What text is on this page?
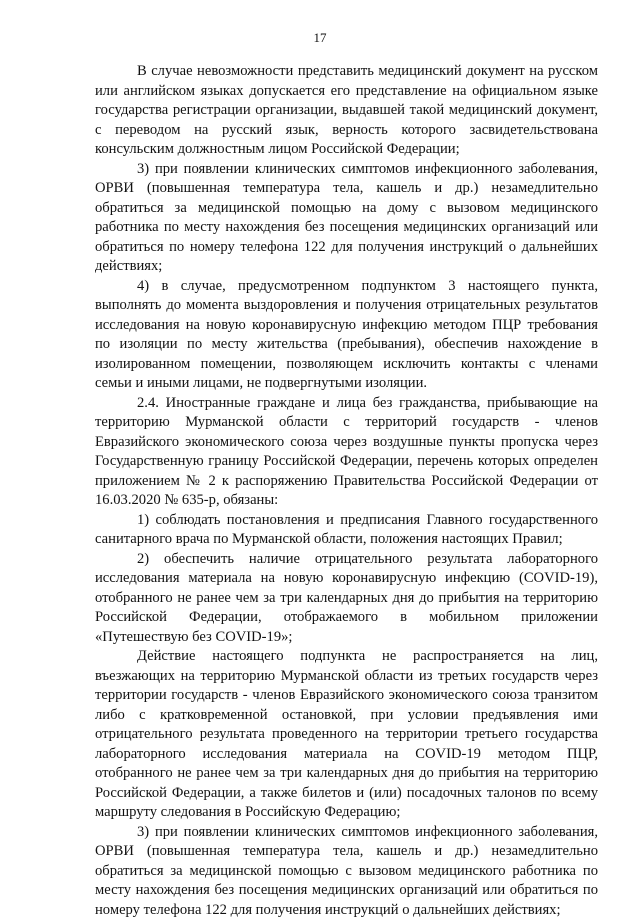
17

В случае невозможности представить медицинский документ на русском или английском языках допускается его представление на официальном языке государства регистрации организации, выдавшей такой медицинский документ, с переводом на русский язык, верность которого засвидетельствована консульским должностным лицом Российской Федерации;

3) при появлении клинических симптомов инфекционного заболевания, ОРВИ (повышенная температура тела, кашель и др.) незамедлительно обратиться за медицинской помощью на дому с вызовом медицинского работника по месту нахождения без посещения медицинских организаций или обратиться по номеру телефона 122 для получения инструкций о дальнейших действиях;

4) в случае, предусмотренном подпунктом 3 настоящего пункта, выполнять до момента выздоровления и получения отрицательных результатов исследования на новую коронавирусную инфекцию методом ПЦР требования по изоляции по месту жительства (пребывания), обеспечив нахождение в изолированном помещении, позволяющем исключить контакты с членами семьи и иными лицами, не подвергнутыми изоляции.

2.4. Иностранные граждане и лица без гражданства, прибывающие на территорию Мурманской области с территорий государств - членов Евразийского экономического союза через воздушные пункты пропуска через Государственную границу Российской Федерации, перечень которых определен приложением № 2 к распоряжению Правительства Российской Федерации от 16.03.2020 № 635-р, обязаны:

1) соблюдать постановления и предписания Главного государственного санитарного врача по Мурманской области, положения настоящих Правил;

2) обеспечить наличие отрицательного результата лабораторного исследования материала на новую коронавирусную инфекцию (COVID-19), отобранного не ранее чем за три календарных дня до прибытия на территорию Российской Федерации, отображаемого в мобильном приложении «Путешествую без COVID-19»;

Действие настоящего подпункта не распространяется на лиц, въезжающих на территорию Мурманской области из третьих государств через территории государств - членов Евразийского экономического союза транзитом либо с кратковременной остановкой, при условии предъявления ими отрицательного результата проведенного на территории третьего государства лабораторного исследования материала на COVID-19 методом ПЦР, отобранного не ранее чем за три календарных дня до прибытия на территорию Российской Федерации, а также билетов и (или) посадочных талонов по всему маршруту следования в Российскую Федерацию;

3) при появлении клинических симптомов инфекционного заболевания, ОРВИ (повышенная температура тела, кашель и др.) незамедлительно обратиться за медицинской помощью с вызовом медицинского работника по месту нахождения без посещения медицинских организаций или обратиться по номеру телефона 122 для получения инструкций о дальнейших действиях;
